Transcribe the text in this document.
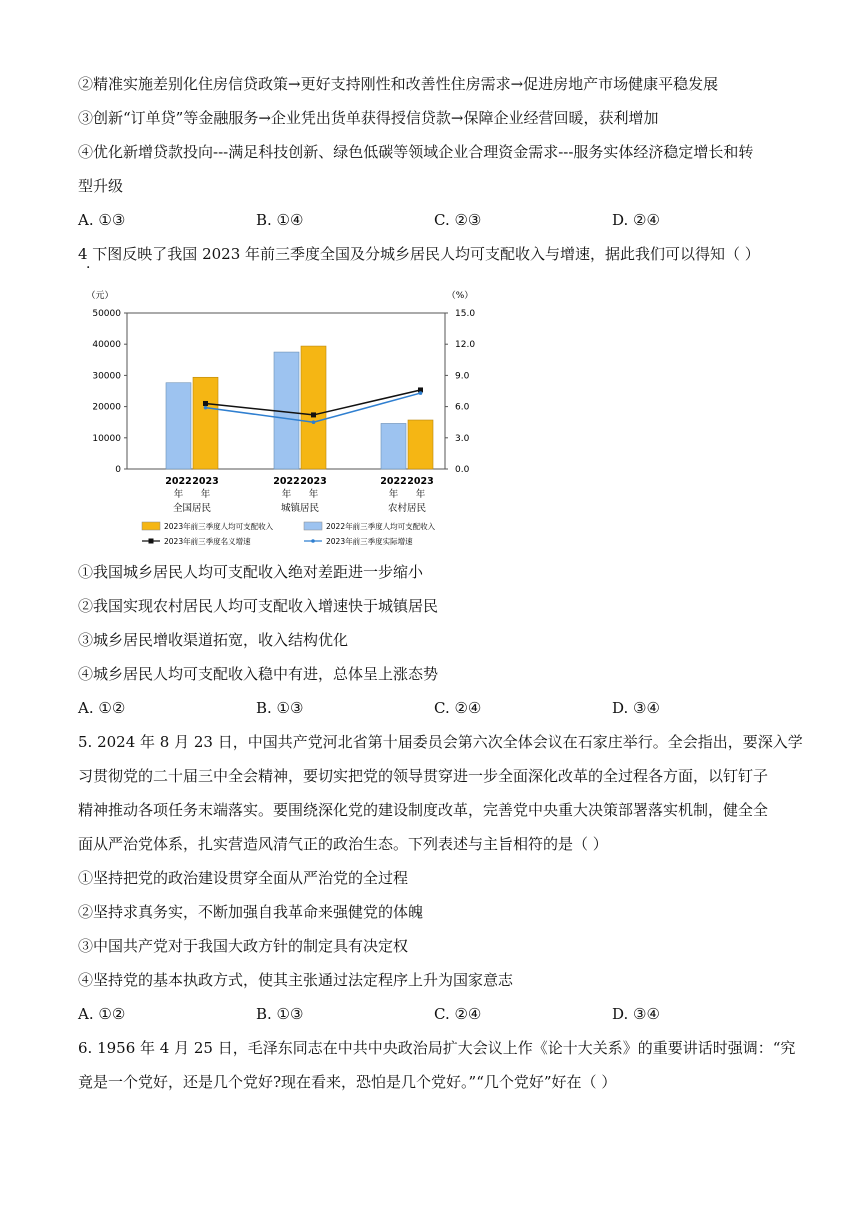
②精准实施差别化住房信贷政策→更好支持刚性和改善性住房需求→促进房地产市场健康平稳发展
③创新“订单贷”等金融服务→企业凭出货单获得授信贷款→保障企业经营回暖，获利增加
④优化新增贷款投向---满足科技创新、绿色低碳等领域企业合理资金需求---服务实体经济稳定增长和转
型升级
A. ①③	B. ①④	C. ②③	D. ②④
4 下图反映了我国 2023 年前三季度全国及分城乡居民人均可支配收入与增速，据此我们可以得知（ ）
·
（元）	（%）
50000
40000
30000
20000
10000
0
15.0
12.0
9.0
6.0
3.0
0.0
2022 2023
年 年
全国居民
2022 2023
年 年
城镇居民
2022 2023
年 年
农村居民
2023年前三季度人均可支配收入	2022年前三季度人均可支配收入
2023年前三季度名义增速	2023年前三季度实际增速
①我国城乡居民人均可支配收入绝对差距进一步缩小
②我国实现农村居民人均可支配收入增速快于城镇居民
③城乡居民增收渠道拓宽，收入结构优化
④城乡居民人均可支配收入稳中有进，总体呈上涨态势
A. ①②	B. ①③	C. ②④	D. ③④
5. 2024 年 8 月 23 日，中国共产党河北省第十届委员会第六次全体会议在石家庄举行。全会指出，要深入学
习贯彻党的二十届三中全会精神，要切实把党的领导贯穿进一步全面深化改革的全过程各方面，以钉钉子
精神推动各项任务末端落实。要围绕深化党的建设制度改革，完善党中央重大决策部署落实机制，健全全
面从严治党体系，扎实营造风清气正的政治生态。下列表述与主旨相符的是（ ）
①坚持把党的政治建设贯穿全面从严治党的全过程
②坚持求真务实，不断加强自我革命来强健党的体魄
③中国共产党对于我国大政方针的制定具有决定权
④坚持党的基本执政方式，使其主张通过法定程序上升为国家意志
A. ①②	B. ①③	C. ②④	D. ③④
6. 1956 年 4 月 25 日，毛泽东同志在中共中央政治局扩大会议上作《论十大关系》的重要讲话时强调：“究
竟是一个党好，还是几个党好?现在看来，恐怕是几个党好。”“几个党好”好在（ ）
